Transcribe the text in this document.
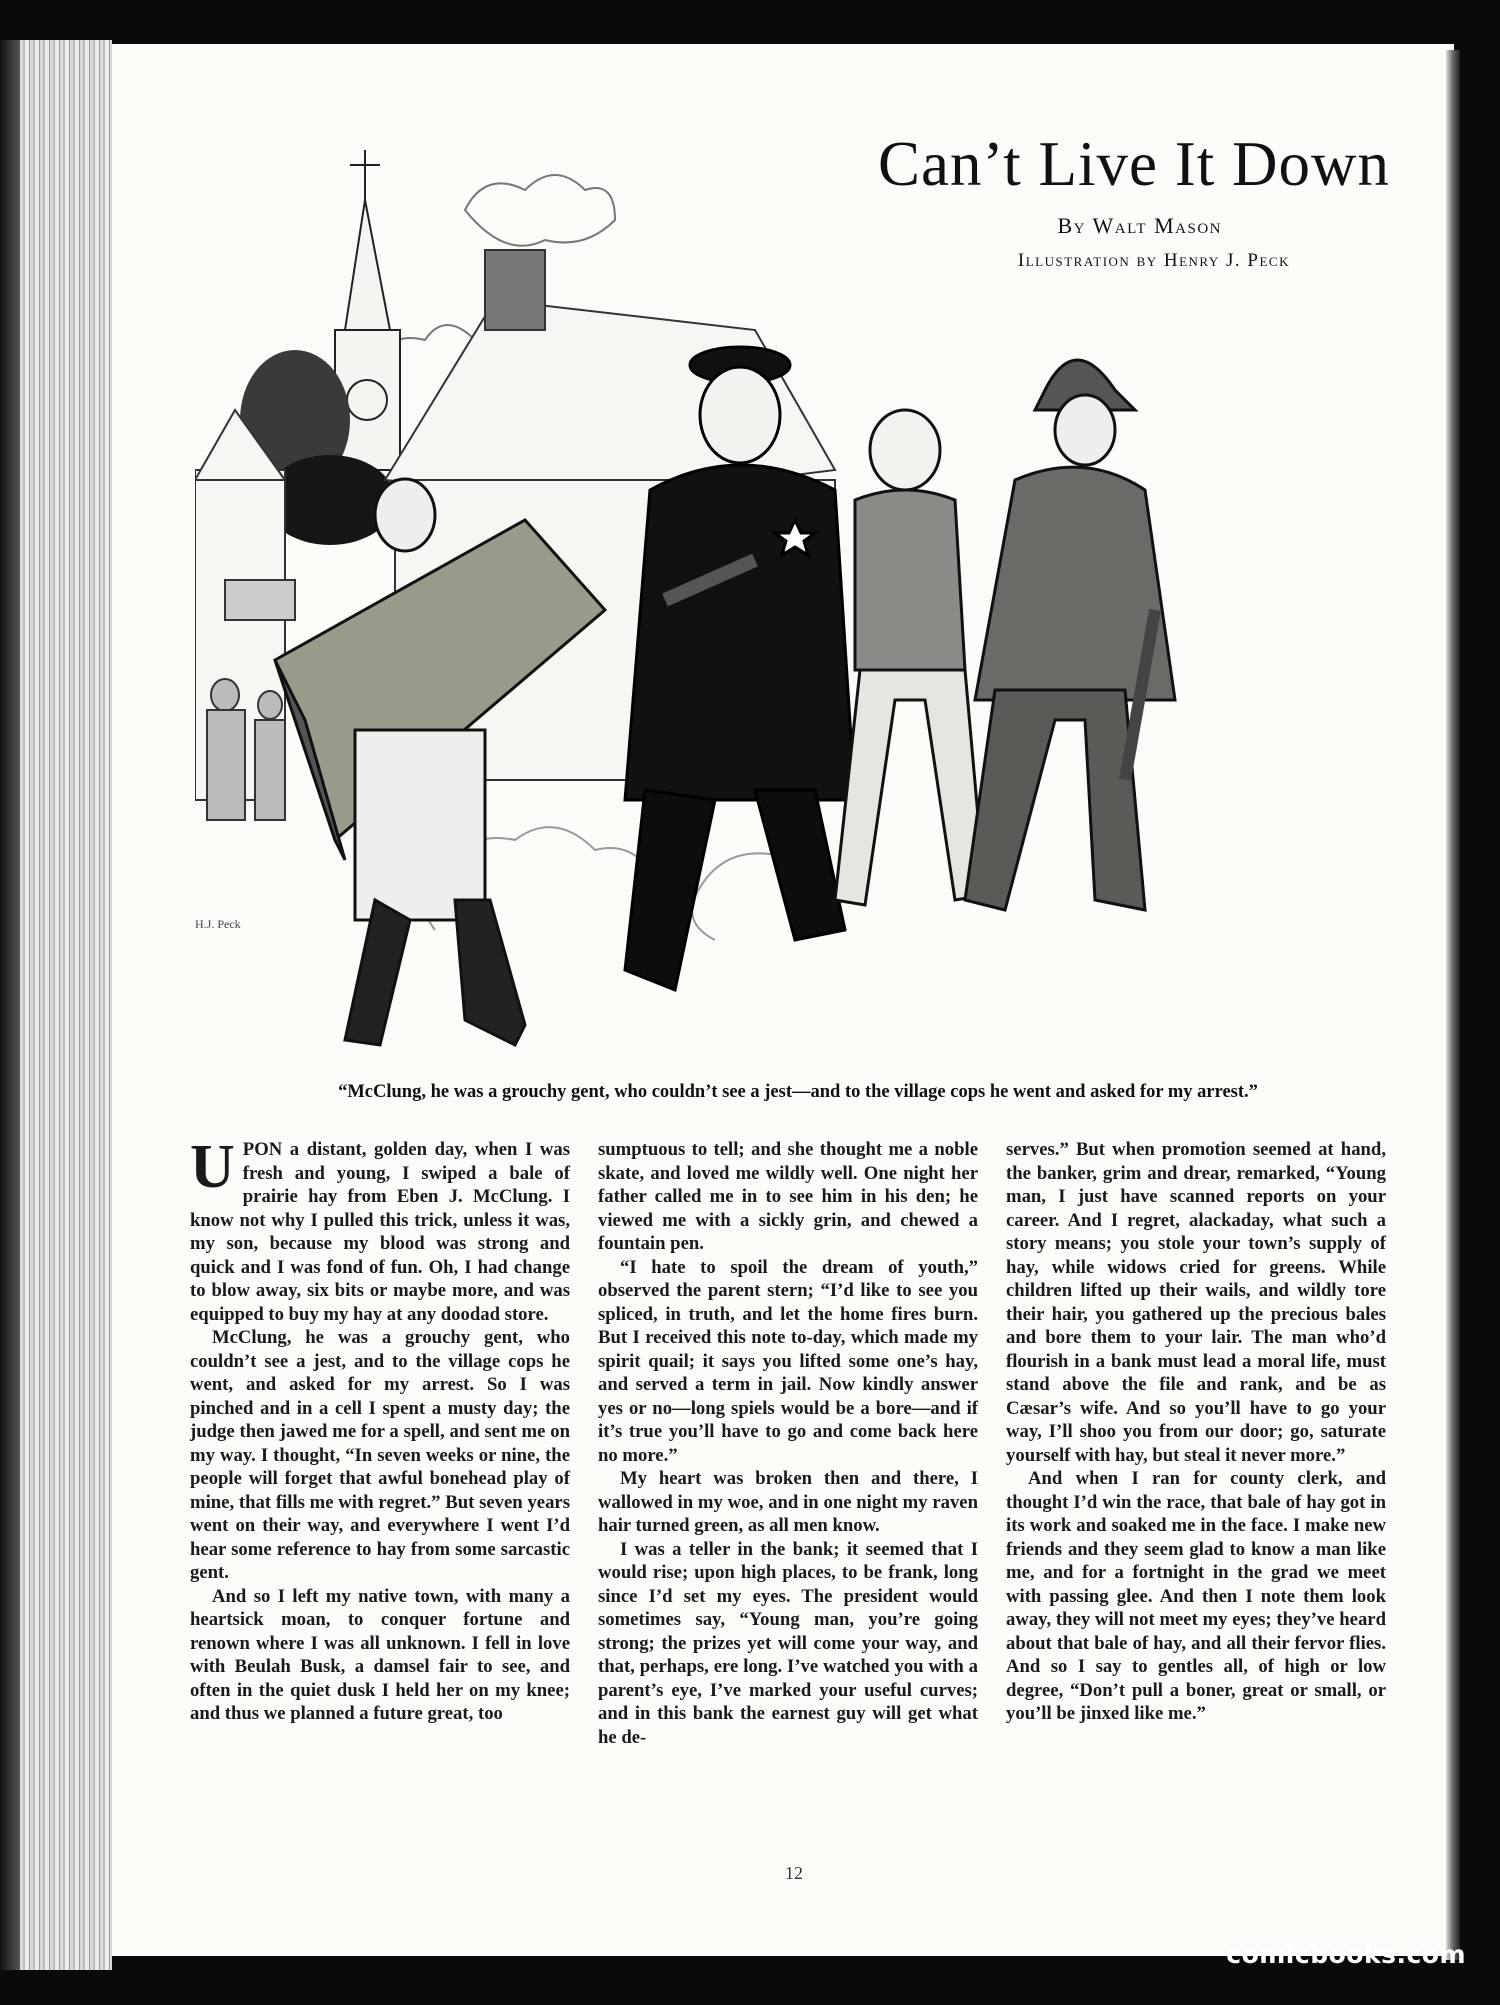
H.J. Peck
Can’t Live It Down
By Walt Mason
Illustration by Henry J. Peck
“McClung, he was a grouchy gent, who couldn’t see a jest—and to the village cops he went and asked for my arrest.”

UPON a distant, golden day, when I was fresh and young, I swiped a bale of prairie hay from Eben J. McClung. I know not why I pulled this trick, unless it was, my son, because my blood was strong and quick and I was fond of fun. Oh, I had change to blow away, six bits or maybe more, and was equipped to buy my hay at any doodad store.

McClung, he was a grouchy gent, who couldn’t see a jest, and to the village cops he went, and asked for my arrest. So I was pinched and in a cell I spent a musty day; the judge then jawed me for a spell, and sent me on my way. I thought, “In seven weeks or nine, the people will forget that awful bonehead play of mine, that fills me with regret.” But seven years went on their way, and everywhere I went I’d hear some reference to hay from some sarcastic gent.

And so I left my native town, with many a heartsick moan, to conquer fortune and renown where I was all unknown. I fell in love with Beulah Busk, a damsel fair to see, and often in the quiet dusk I held her on my knee; and thus we planned a future great, too

sumptuous to tell; and she thought me a noble skate, and loved me wildly well. One night her father called me in to see him in his den; he viewed me with a sickly grin, and chewed a fountain pen.

“I hate to spoil the dream of youth,” observed the parent stern; “I’d like to see you spliced, in truth, and let the home fires burn. But I received this note to-day, which made my spirit quail; it says you lifted some one’s hay, and served a term in jail. Now kindly answer yes or no—long spiels would be a bore—and if it’s true you’ll have to go and come back here no more.”

My heart was broken then and there, I wallowed in my woe, and in one night my raven hair turned green, as all men know.

I was a teller in the bank; it seemed that I would rise; upon high places, to be frank, long since I’d set my eyes. The president would sometimes say, “Young man, you’re going strong; the prizes yet will come your way, and that, perhaps, ere long. I’ve watched you with a parent’s eye, I’ve marked your useful curves; and in this bank the earnest guy will get what he de-

serves.” But when promotion seemed at hand, the banker, grim and drear, remarked, “Young man, I just have scanned reports on your career. And I regret, alackaday, what such a story means; you stole your town’s supply of hay, while widows cried for greens. While children lifted up their wails, and wildly tore their hair, you gathered up the precious bales and bore them to your lair. The man who’d flourish in a bank must lead a moral life, must stand above the file and rank, and be as Cæsar’s wife. And so you’ll have to go your way, I’ll shoo you from our door; go, saturate yourself with hay, but steal it never more.”

And when I ran for county clerk, and thought I’d win the race, that bale of hay got in its work and soaked me in the face. I make new friends and they seem glad to know a man like me, and for a fortnight in the grad we meet with passing glee. And then I note them look away, they will not meet my eyes; they’ve heard about that bale of hay, and all their fervor flies. And so I say to gentles all, of high or low degree, “Don’t pull a boner, great or small, or you’ll be jinxed like me.”

12
comicbooks.com
